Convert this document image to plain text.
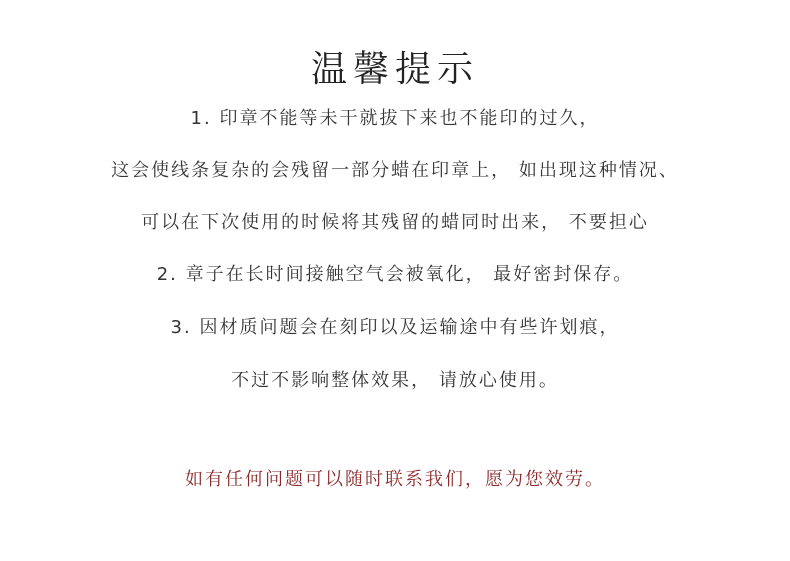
温馨提示
1. 印章不能等未干就拔下来也不能印的过久，
这会使线条复杂的会残留一部分蜡在印章上， 如出现这种情况、
可以在下次使用的时候将其残留的蜡同时出来， 不要担心
2. 章子在长时间接触空气会被氧化， 最好密封保存。
3. 因材质问题会在刻印以及运输途中有些许划痕，
不过不影响整体效果， 请放心使用。
如有任何问题可以随时联系我们，愿为您效劳。
